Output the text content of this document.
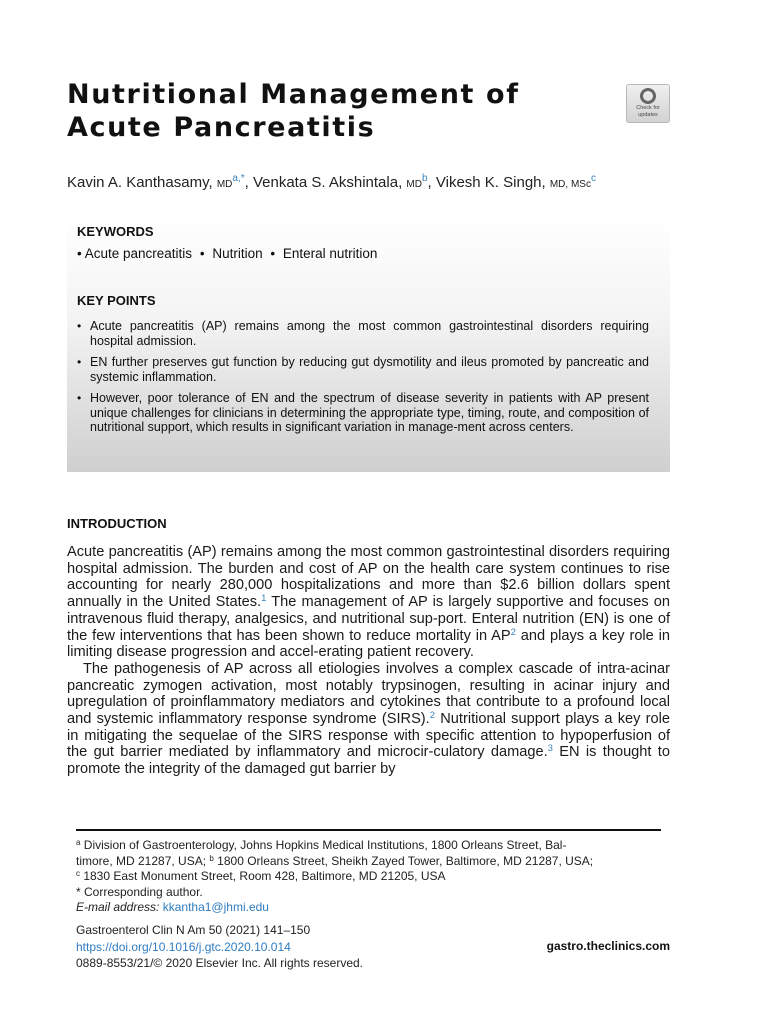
Nutritional Management of
Acute Pancreatitis
Check for
updates
Kavin A. Kanthasamy, $MD^{a,*}$, Venkata S. Akshintala, $MD^b$, Vikesh K. Singh, MD, MSc$^c$
KEYWORDS
• Acute pancreatitis • Nutrition • Enteral nutrition
KEY POINTS
• Acute pancreatitis (AP) remains among the most common gastrointestinal disorders requiring hospital admission.
• EN further preserves gut function by reducing gut dysmotility and ileus promoted by pancreatic and systemic inflammation.
• However, poor tolerance of EN and the spectrum of disease severity in patients with AP present unique challenges for clinicians in determining the appropriate type, timing, route, and composition of nutritional support, which results in significant variation in manage-ment across centers.
INTRODUCTION

Acute pancreatitis (AP) remains among the most common gastrointestinal disorders requiring hospital admission. The burden and cost of AP on the health care system continues to rise accounting for nearly 280,000 hospitalizations and more than $2.6 billion dollars spent annually in the United States.$^1$ The management of AP is largely supportive and focuses on intravenous fluid therapy, analgesics, and nutritional sup-port. Enteral nutrition (EN) is one of the few interventions that has been shown to reduce mortality in $AP^2$ and plays a key role in limiting disease progression and accel-erating patient recovery.

The pathogenesis of AP across all etiologies involves a complex cascade of intra-acinar pancreatic zymogen activation, most notably trypsinogen, resulting in acinar injury and upregulation of proinflammatory mediators and cytokines that contribute to a profound local and systemic inflammatory response syndrome (SIRS).$^2$ Nutritional support plays a key role in mitigating the sequelae of the SIRS response with specific attention to hypoperfusion of the gut barrier mediated by inflammatory and microcir-culatory damage.$^3$ EN is thought to promote the integrity of the damaged gut barrier by

$^a$ Division of Gastroenterology, Johns Hopkins Medical Institutions, 1800 Orleans Street, Bal-
timore, MD 21287, USA; $^b$ 1800 Orleans Street, Sheikh Zayed Tower, Baltimore, MD 21287, USA;
$^c$ 1830 East Monument Street, Room 428, Baltimore, MD 21205, USA
* Corresponding author.
E-mail address: kkantha1@jhmi.edu
Gastroenterol Clin N Am 50 (2021) 141–150
https://doi.org/10.1016/j.gtc.2020.10.014
0889-8553/21/© 2020 Elsevier Inc. All rights reserved.
gastro.theclinics.com
